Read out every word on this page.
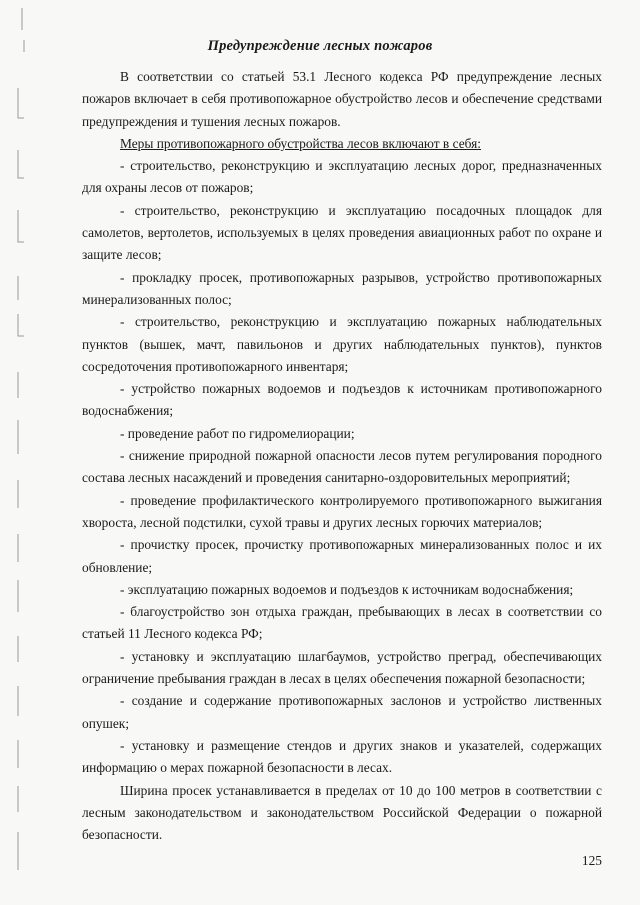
Предупреждение лесных пожаров

В соответствии со статьей 53.1 Лесного кодекса РФ предупреждение лесных пожаров включает в себя противопожарное обустройство лесов и обеспечение средствами предупреждения и тушения лесных пожаров.

Меры противопожарного обустройства лесов включают в себя:

- строительство, реконструкцию и эксплуатацию лесных дорог, предназначенных для охраны лесов от пожаров;

- строительство, реконструкцию и эксплуатацию посадочных площадок для самолетов, вертолетов, используемых в целях проведения авиационных работ по охране и защите лесов;

- прокладку просек, противопожарных разрывов, устройство противопожарных минерализованных полос;

- строительство, реконструкцию и эксплуатацию пожарных наблюдательных пунктов (вышек, мачт, павильонов и других наблюдательных пунктов), пунктов сосредоточения противопожарного инвентаря;

- устройство пожарных водоемов и подъездов к источникам противопожарного водоснабжения;

- проведение работ по гидромелиорации;

- снижение природной пожарной опасности лесов путем регулирования породного состава лесных насаждений и проведения санитарно-оздоровительных мероприятий;

- проведение профилактического контролируемого противопожарного выжигания хвороста, лесной подстилки, сухой травы и других лесных горючих материалов;

- прочистку просек, прочистку противопожарных минерализованных полос и их обновление;

- эксплуатацию пожарных водоемов и подъездов к источникам водоснабжения;

- благоустройство зон отдыха граждан, пребывающих в лесах в соответствии со статьей 11 Лесного кодекса РФ;

- установку и эксплуатацию шлагбаумов, устройство преград, обеспечивающих ограничение пребывания граждан в лесах в целях обеспечения пожарной безопасности;

- создание и содержание противопожарных заслонов и устройство лиственных опушек;

- установку и размещение стендов и других знаков и указателей, содержащих информацию о мерах пожарной безопасности в лесах.

Ширина просек устанавливается в пределах от 10 до 100 метров в соответствии с лесным законодательством и законодательством Российской Федерации о пожарной безопасности.

125
